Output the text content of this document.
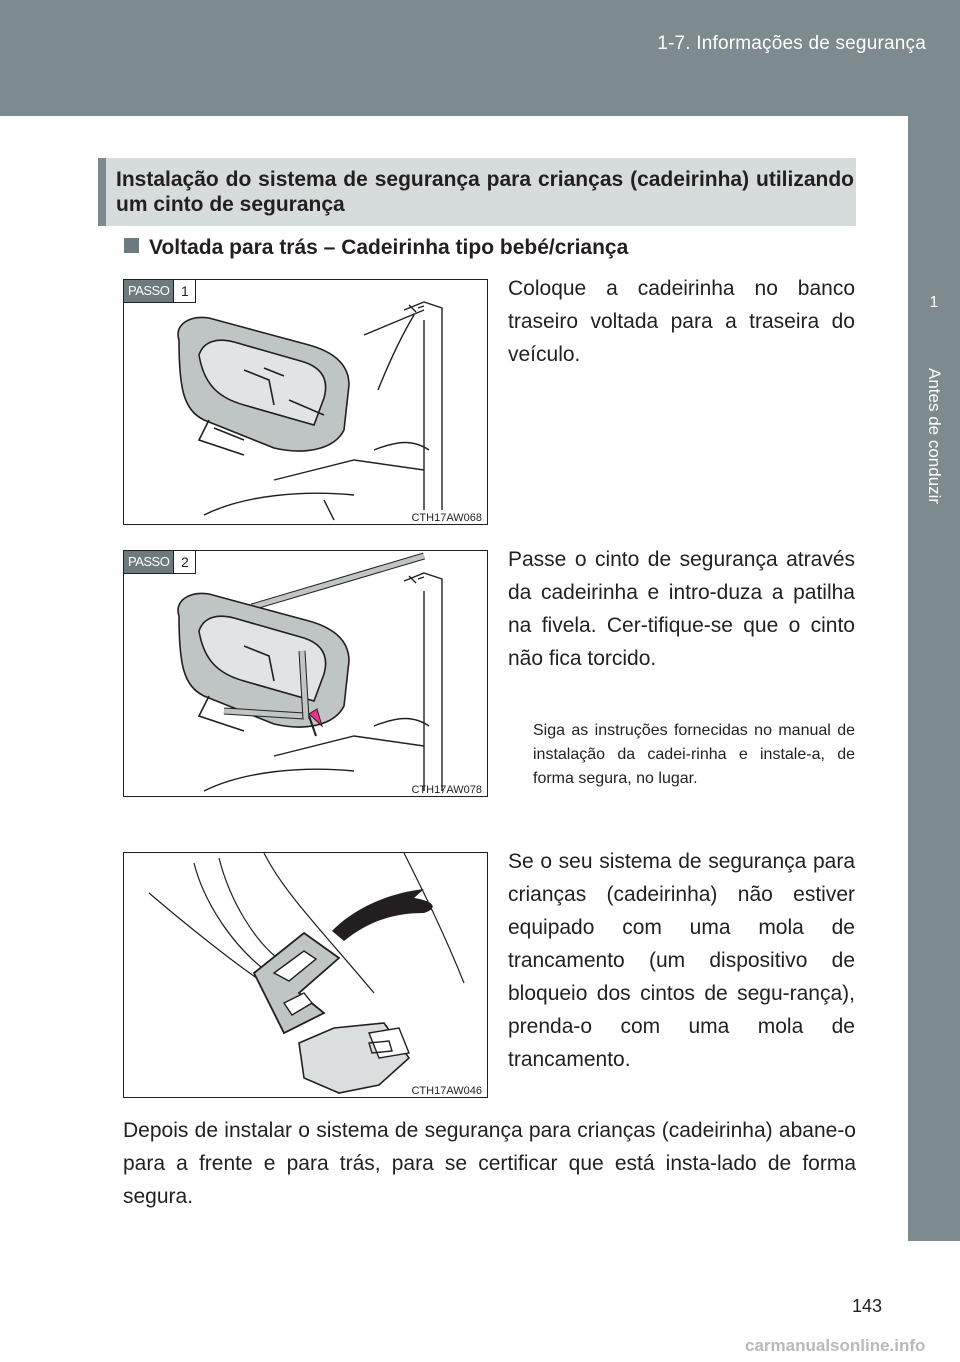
1-7. Informações de segurança
1
Antes de conduzir
Instalação do sistema de segurança para crianças (cadeirinha) utilizando um cinto de segurança
Voltada para trás – Cadeirinha tipo bebé/criança
CTH17AW068
PASSO 1	Coloque a cadeirinha no banco traseiro voltada para a traseira do veículo.
CTH17AW078
PASSO 2	Passe o cinto de segurança através da cadeirinha e intro-duza a patilha na fivela. Cer-tifique-se que o cinto não fica torcido.
Siga as instruções fornecidas no manual de instalação da cadei-rinha e instale-a, de forma segura, no lugar.
CTH17AW046
Se o seu sistema de segurança para crianças (cadeirinha) não estiver equipado com uma mola de trancamento (um dispositivo de bloqueio dos cintos de segu-rança), prenda-o com uma mola de trancamento.
Depois de instalar o sistema de segurança para crianças (cadeirinha) abane-o para a frente e para trás, para se certificar que está insta-lado de forma segura.
143
carmanualsonline.info
